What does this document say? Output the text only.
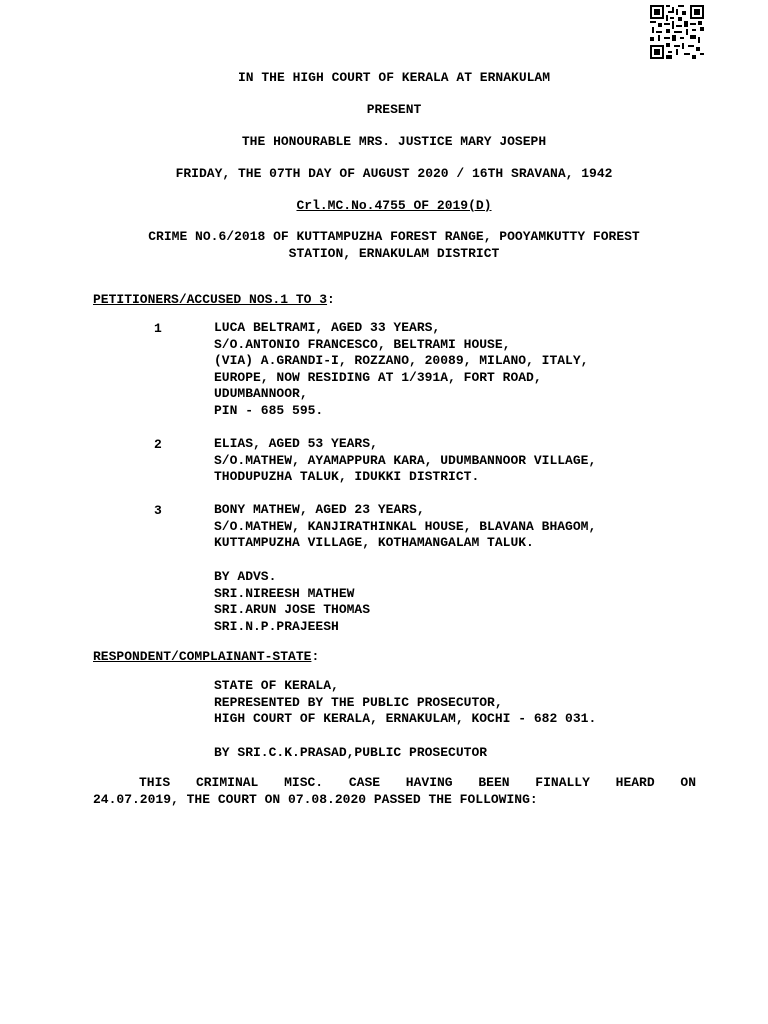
IN THE HIGH COURT OF KERALA AT ERNAKULAM
PRESENT
THE HONOURABLE MRS. JUSTICE MARY JOSEPH
FRIDAY, THE 07TH DAY OF AUGUST 2020 / 16TH SRAVANA, 1942
Crl.MC.No.4755 OF 2019(D)
CRIME NO.6/2018 OF KUTTAMPUZHA FOREST RANGE, POOYAMKUTTY FOREST
STATION, ERNAKULAM DISTRICT
PETITIONERS/ACCUSED NOS.1 TO 3:
1	LUCA BELTRAMI, AGED 33 YEARS,
S/O.ANTONIO FRANCESCO, BELTRAMI HOUSE,
(VIA) A.GRANDI-I, ROZZANO, 20089, MILANO, ITALY,
EUROPE, NOW RESIDING AT 1/391A, FORT ROAD,
UDUMBANNOOR,
PIN - 685 595.
2	ELIAS, AGED 53 YEARS,
S/O.MATHEW, AYAMAPPURA KARA, UDUMBANNOOR VILLAGE,
THODUPUZHA TALUK, IDUKKI DISTRICT.
3	BONY MATHEW, AGED 23 YEARS,
S/O.MATHEW, KANJIRATHINKAL HOUSE, BLAVANA BHAGOM,
KUTTAMPUZHA VILLAGE, KOTHAMANGALAM TALUK.
BY ADVS.
SRI.NIREESH MATHEW
SRI.ARUN JOSE THOMAS
SRI.N.P.PRAJEESH
RESPONDENT/COMPLAINANT-STATE:
STATE OF KERALA,
REPRESENTED BY THE PUBLIC PROSECUTOR,
HIGH COURT OF KERALA, ERNAKULAM, KOCHI - 682 031.
BY SRI.C.K.PRASAD,PUBLIC PROSECUTOR
THIS CRIMINAL MISC. CASE HAVING BEEN FINALLY HEARD ON
24.07.2019, THE COURT ON 07.08.2020 PASSED THE FOLLOWING:
